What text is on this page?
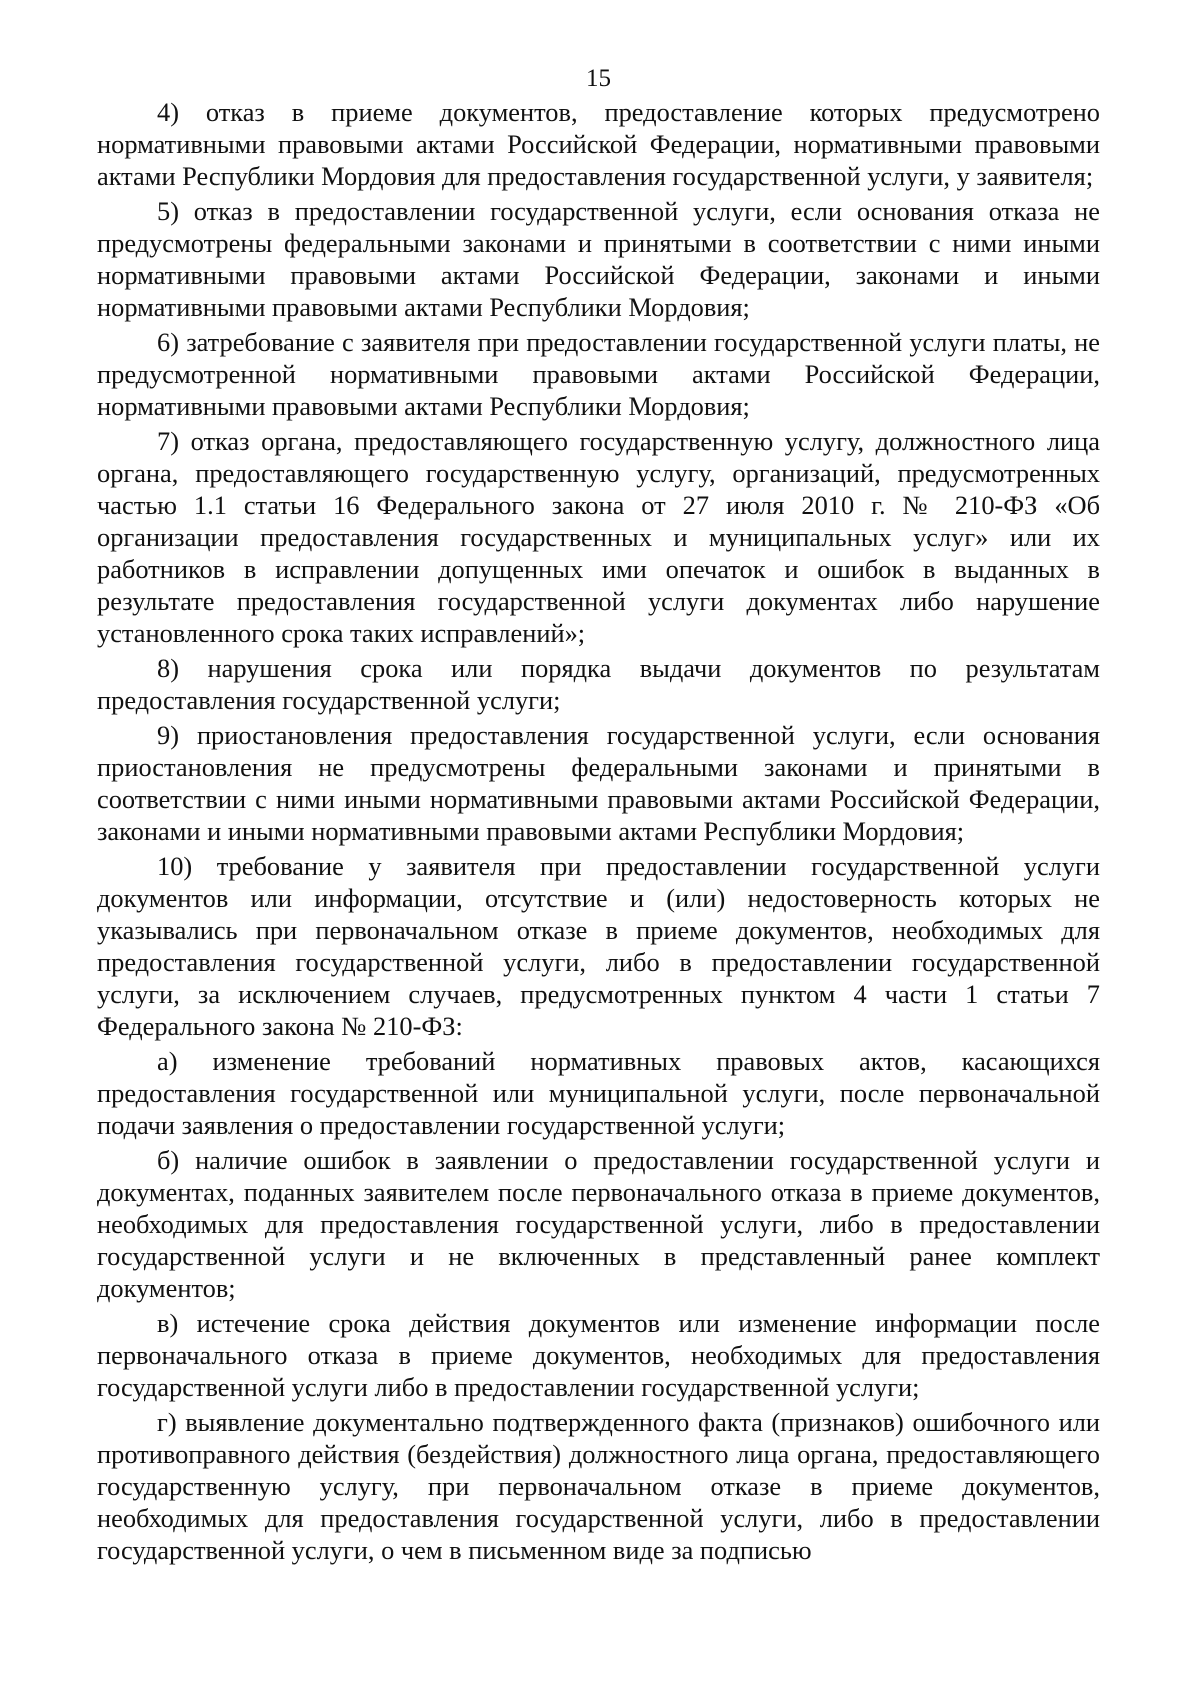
15

4) отказ в приеме документов, предоставление которых предусмотрено нормативными правовыми актами Российской Федерации, нормативными правовыми актами Республики Мордовия для предоставления государственной услуги, у заявителя;

5) отказ в предоставлении государственной услуги, если основания отказа не предусмотрены федеральными законами и принятыми в соответствии с ними иными нормативными правовыми актами Российской Федерации, законами и иными нормативными правовыми актами Республики Мордовия;

6) затребование с заявителя при предоставлении государственной услуги платы, не предусмотренной нормативными правовыми актами Российской Федерации, нормативными правовыми актами Республики Мордовия;

7) отказ органа, предоставляющего государственную услугу, должностного лица органа, предоставляющего государственную услугу, организаций, предусмотренных частью 1.1 статьи 16 Федерального закона от 27 июля 2010 г. № 210-ФЗ «Об организации предоставления государственных и муниципальных услуг» или их работников в исправлении допущенных ими опечаток и ошибок в выданных в результате предоставления государственной услуги документах либо нарушение установленного срока таких исправлений»;

8) нарушения срока или порядка выдачи документов по результатам предоставления государственной услуги;

9) приостановления предоставления государственной услуги, если основания приостановления не предусмотрены федеральными законами и принятыми в соответствии с ними иными нормативными правовыми актами Российской Федерации, законами и иными нормативными правовыми актами Республики Мордовия;

10) требование у заявителя при предоставлении государственной услуги документов или информации, отсутствие и (или) недостоверность которых не указывались при первоначальном отказе в приеме документов, необходимых для предоставления государственной услуги, либо в предоставлении государственной услуги, за исключением случаев, предусмотренных пунктом 4 части 1 статьи 7 Федерального закона № 210-ФЗ:

а) изменение требований нормативных правовых актов, касающихся предоставления государственной или муниципальной услуги, после первоначальной подачи заявления о предоставлении государственной услуги;

б) наличие ошибок в заявлении о предоставлении государственной услуги и документах, поданных заявителем после первоначального отказа в приеме документов, необходимых для предоставления государственной услуги, либо в предоставлении государственной услуги и не включенных в представленный ранее комплект документов;

в) истечение срока действия документов или изменение информации после первоначального отказа в приеме документов, необходимых для предоставления государственной услуги либо в предоставлении государственной услуги;

г) выявление документально подтвержденного факта (признаков) ошибочного или противоправного действия (бездействия) должностного лица органа, предоставляющего государственную услугу, при первоначальном отказе в приеме документов, необходимых для предоставления государственной услуги, либо в предоставлении государственной услуги, о чем в письменном виде за подписью
